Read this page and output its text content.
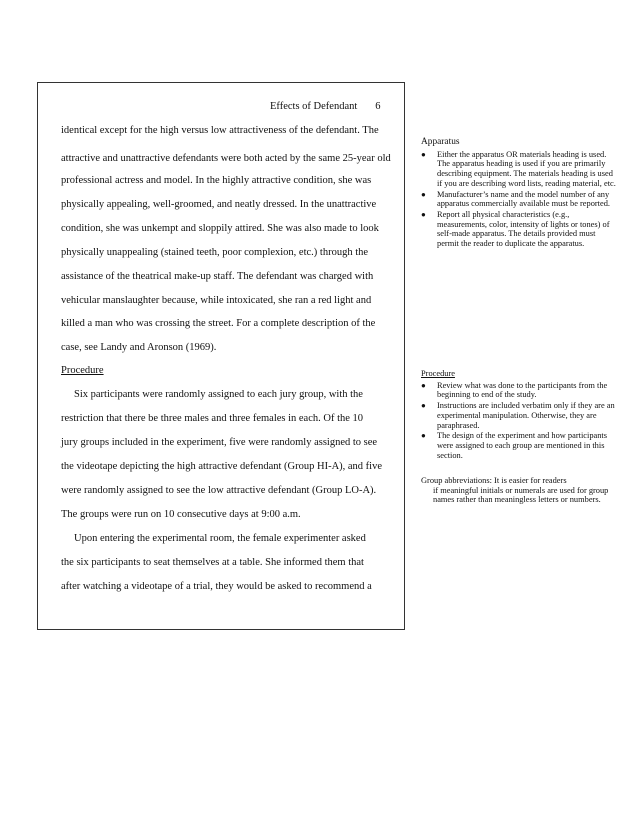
Effects of Defendant 6
identical except for the high versus low attractiveness of the defendant. The
attractive and unattractive defendants were both acted by the same 25-year old
professional actress and model. In the highly attractive condition, she was
physically appealing, well-groomed, and neatly dressed. In the unattractive
condition, she was unkempt and sloppily attired. She was also made to look
physically unappealing (stained teeth, poor complexion, etc.) through the
assistance of the theatrical make-up staff. The defendant was charged with
vehicular manslaughter because, while intoxicated, she ran a red light and
killed a man who was crossing the street. For a complete description of the
case, see Landy and Aronson (1969).
Procedure
Six participants were randomly assigned to each jury group, with the
restriction that there be three males and three females in each. Of the 10
jury groups included in the experiment, five were randomly assigned to see
the videotape depicting the high attractive defendant (Group HI-A), and five
were randomly assigned to see the low attractive defendant (Group LO-A).
The groups were run on 10 consecutive days at 9:00 a.m.
Upon entering the experimental room, the female experimenter asked
the six participants to seat themselves at a table. She informed them that
after watching a videotape of a trial, they would be asked to recommend a
Apparatus
●	Either the apparatus OR materials heading is used. The apparatus heading is used if you are primarily describing equipment. The materials heading is used if you are describing word lists, reading material, etc.
●	Manufacturer’s name and the model number of any apparatus commercially available must be reported.
●	Report all physical characteristics (e.g., measurements, color, intensity of lights or tones) of self-made apparatus. The details provided must permit the reader to duplicate the apparatus.
Procedure
●	Review what was done to the participants from the beginning to end of the study.
●	Instructions are included verbatim only if they are an experimental manipulation. Otherwise, they are paraphrased.
●	The design of the experiment and how participants were assigned to each group are mentioned in this section.
Group abbreviations: It is easier for readers
if meaningful initials or numerals are used for group names rather than meaningless letters or numbers.
